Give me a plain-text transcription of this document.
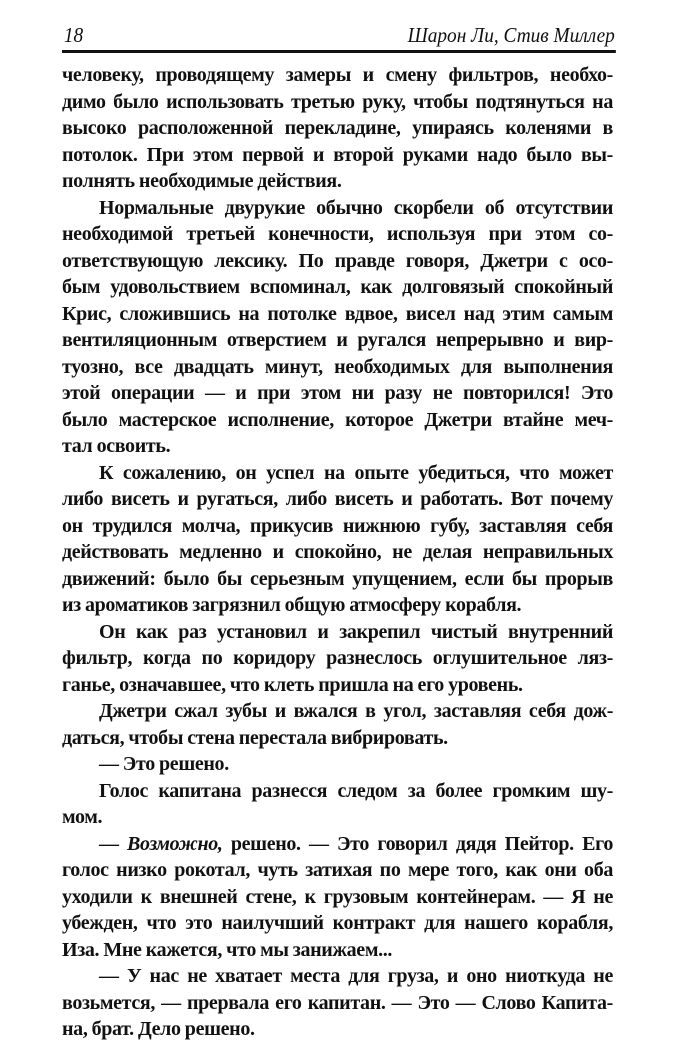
18	Шарон Ли, Стив Миллер
человеку, проводящему замеры и смену фильтров, необхо-
димо было использовать третью руку, чтобы подтянуться на
высоко расположенной перекладине, упираясь коленями в
потолок. При этом первой и второй руками надо было вы-
полнять необходимые действия.
Нормальные двурукие обычно скорбели об отсутствии
необходимой третьей конечности, используя при этом со-
ответствующую лексику. По правде говоря, Джетри с осо-
бым удовольствием вспоминал, как долговязый спокойный
Крис, сложившись на потолке вдвое, висел над этим самым
вентиляционным отверстием и ругался непрерывно и вир-
туозно, все двадцать минут, необходимых для выполнения
этой операции — и при этом ни разу не повторился! Это
было мастерское исполнение, которое Джетри втайне меч-
тал освоить.
К сожалению, он успел на опыте убедиться, что может
либо висеть и ругаться, либо висеть и работать. Вот почему
он трудился молча, прикусив нижнюю губу, заставляя себя
действовать медленно и спокойно, не делая неправильных
движений: было бы серьезным упущением, если бы прорыв
из ароматиков загрязнил общую атмосферу корабля.
Он как раз установил и закрепил чистый внутренний
фильтр, когда по коридору разнеслось оглушительное ляз-
ганье, означавшее, что клеть пришла на его уровень.
Джетри сжал зубы и вжался в угол, заставляя себя дож-
даться, чтобы стена перестала вибрировать.
— Это решено.
Голос капитана разнесся следом за более громким шу-
мом.
— Возможно, решено. — Это говорил дядя Пейтор. Его
голос низко рокотал, чуть затихая по мере того, как они оба
уходили к внешней стене, к грузовым контейнерам. — Я не
убежден, что это наилучший контракт для нашего корабля,
Иза. Мне кажется, что мы занижаем...
— У нас не хватает места для груза, и оно ниоткуда не
возьмется, — прервала его капитан. — Это — Слово Капита-
на, брат. Дело решено.
